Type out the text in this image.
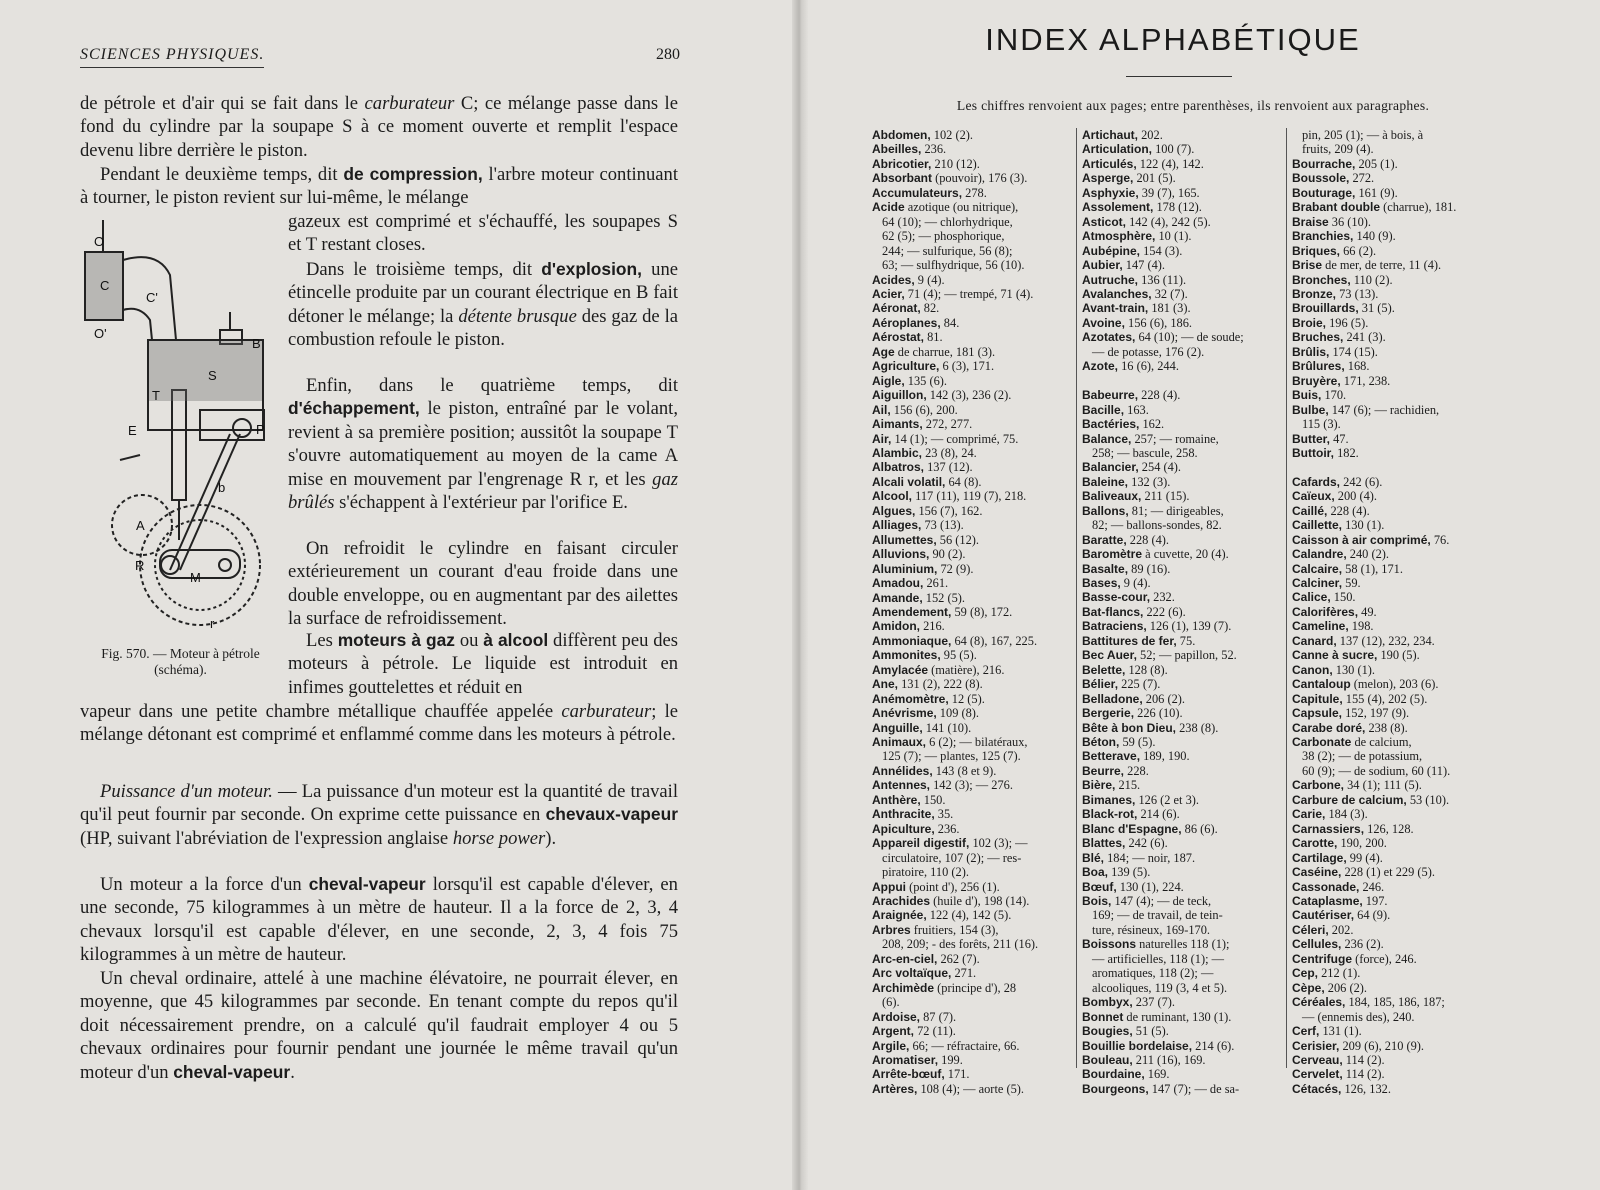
SCIENCES PHYSIQUES.	280

de pétrole et d'air qui se fait dans le carburateur C; ce mélange passe dans le fond du cylindre par la soupape S à ce moment ouverte et remplit l'espace devenu libre derrière le piston.

Pendant le deuxième temps, dit de compression, l'arbre moteur continuant à tourner, le piston revient sur lui-même, le mélange

gazeux est comprimé et s'échauffé, les soupapes S et T restant closes.

Dans le troisième temps, dit d'explosion, une étincelle produite par un courant électrique en B fait détoner le mélange; la détente brusque des gaz de la combustion refoule le piston.

Enfin, dans le quatrième temps, dit d'échappement, le piston, entraîné par le volant, revient à sa première position; aussitôt la soupape T s'ouvre automatiquement au moyen de la came A mise en mouvement par l'engrenage R r, et les gaz brûlés s'échappent à l'extérieur par l'orifice E.

On refroidit le cylindre en faisant circuler extérieurement un courant d'eau froide dans une double enveloppe, ou en augmentant par des ailettes la surface de refroidissement.

Les moteurs à gaz ou à alcool diffèrent peu des moteurs à pétrole. Le liquide est introduit en infimes gouttelettes et réduit en

vapeur dans une petite chambre métallique chauffée appelée carburateur; le mélange détonant est comprimé et enflammé comme dans les moteurs à pétrole.

Puissance d'un moteur. — La puissance d'un moteur est la quantité de travail qu'il peut fournir par seconde. On exprime cette puissance en chevaux-vapeur (HP, suivant l'abréviation de l'expression anglaise horse power).

Un moteur a la force d'un cheval-vapeur lorsqu'il est capable d'élever, en une seconde, 75 kilogrammes à un mètre de hauteur. Il a la force de 2, 3, 4 chevaux lorsqu'il est capable d'élever, en une seconde, 2, 3, 4 fois 75 kilogrammes à un mètre de hauteur.

Un cheval ordinaire, attelé à une machine élévatoire, ne pourrait élever, en moyenne, que 45 kilogrammes par seconde. En tenant compte du repos qu'il doit nécessairement prendre, on a calculé qu'il faudrait employer 4 ou 5 chevaux ordinaires pour fournir pendant une journée le même travail qu'un moteur d'un cheval-vapeur.

O
C
C'
O'
B
S
T
E	P
b
A
R
M
r
Fig. 570. — Moteur à pétrole (schéma).
INDEX ALPHABÉTIQUE
Les chiffres renvoient aux pages; entre parenthèses, ils renvoient aux paragraphes.
Abdomen, 102 (2).
Abeilles, 236.
Abricotier, 210 (12).
Absorbant (pouvoir), 176 (3).
Accumulateurs, 278.
Acide azotique (ou nitrique),
64 (10); — chlorhydrique,
62 (5); — phosphorique,
244; — sulfurique, 56 (8);
63; — sulfhydrique, 56 (10).
Acides, 9 (4).
Acier, 71 (4); — trempé, 71 (4).
Aéronat, 82.
Aéroplanes, 84.
Aérostat, 81.
Age de charrue, 181 (3).
Agriculture, 6 (3), 171.
Aigle, 135 (6).
Aiguillon, 142 (3), 236 (2).
Ail, 156 (6), 200.
Aimants, 272, 277.
Air, 14 (1); — comprimé, 75.
Alambic, 23 (8), 24.
Albatros, 137 (12).
Alcali volatil, 64 (8).
Alcool, 117 (11), 119 (7), 218.
Algues, 156 (7), 162.
Alliages, 73 (13).
Allumettes, 56 (12).
Alluvions, 90 (2).
Aluminium, 72 (9).
Amadou, 261.
Amande, 152 (5).
Amendement, 59 (8), 172.
Amidon, 216.
Ammoniaque, 64 (8), 167, 225.
Ammonites, 95 (5).
Amylacée (matière), 216.
Ane, 131 (2), 222 (8).
Anémomètre, 12 (5).
Anévrisme, 109 (8).
Anguille, 141 (10).
Animaux, 6 (2); — bilatéraux,
125 (7); — plantes, 125 (7).
Annélides, 143 (8 et 9).
Antennes, 142 (3); — 276.
Anthère, 150.
Anthracite, 35.
Apiculture, 236.
Appareil digestif, 102 (3); —
circulatoire, 107 (2); — res-
piratoire, 110 (2).
Appui (point d'), 256 (1).
Arachides (huile d'), 198 (14).
Araignée, 122 (4), 142 (5).
Arbres fruitiers, 154 (3),
208, 209; - des forêts, 211 (16).
Arc-en-ciel, 262 (7).
Arc voltaïque, 271.
Archimède (principe d'), 28
(6).
Ardoise, 87 (7).
Argent, 72 (11).
Argile, 66; — réfractaire, 66.
Aromatiser, 199.
Arrête-bœuf, 171.
Artères, 108 (4); — aorte (5).
Artichaut, 202.
Articulation, 100 (7).
Articulés, 122 (4), 142.
Asperge, 201 (5).
Asphyxie, 39 (7), 165.
Assolement, 178 (12).
Asticot, 142 (4), 242 (5).
Atmosphère, 10 (1).
Aubépine, 154 (3).
Aubier, 147 (4).
Autruche, 136 (11).
Avalanches, 32 (7).
Avant-train, 181 (3).
Avoine, 156 (6), 186.
Azotates, 64 (10); — de soude;
— de potasse, 176 (2).
Azote, 16 (6), 244.
Babeurre, 228 (4).
Bacille, 163.
Bactéries, 162.
Balance, 257; — romaine,
258; — bascule, 258.
Balancier, 254 (4).
Baleine, 132 (3).
Baliveaux, 211 (15).
Ballons, 81; — dirigeables,
82; — ballons-sondes, 82.
Baratte, 228 (4).
Baromètre à cuvette, 20 (4).
Basalte, 89 (16).
Bases, 9 (4).
Basse-cour, 232.
Bat-flancs, 222 (6).
Batraciens, 126 (1), 139 (7).
Battitures de fer, 75.
Bec Auer, 52; — papillon, 52.
Belette, 128 (8).
Bélier, 225 (7).
Belladone, 206 (2).
Bergerie, 226 (10).
Bête à bon Dieu, 238 (8).
Béton, 59 (5).
Betterave, 189, 190.
Beurre, 228.
Bière, 215.
Bimanes, 126 (2 et 3).
Black-rot, 214 (6).
Blanc d'Espagne, 86 (6).
Blattes, 242 (6).
Blé, 184; — noir, 187.
Boa, 139 (5).
Bœuf, 130 (1), 224.
Bois, 147 (4); — de teck,
169; — de travail, de tein-
ture, résineux, 169-170.
Boissons naturelles 118 (1);
— artificielles, 118 (1); —
aromatiques, 118 (2); —
alcooliques, 119 (3, 4 et 5).
Bombyx, 237 (7).
Bonnet de ruminant, 130 (1).
Bougies, 51 (5).
Bouillie bordelaise, 214 (6).
Bouleau, 211 (16), 169.
Bourdaine, 169.
Bourgeons, 147 (7); — de sa-
pin, 205 (1); — à bois, à
fruits, 209 (4).
Bourrache, 205 (1).
Boussole, 272.
Bouturage, 161 (9).
Brabant double (charrue), 181.
Braise 36 (10).
Branchies, 140 (9).
Briques, 66 (2).
Brise de mer, de terre, 11 (4).
Bronches, 110 (2).
Bronze, 73 (13).
Brouillards, 31 (5).
Broie, 196 (5).
Bruches, 241 (3).
Brûlis, 174 (15).
Brûlures, 168.
Bruyère, 171, 238.
Buis, 170.
Bulbe, 147 (6); — rachidien,
115 (3).
Butter, 47.
Buttoir, 182.
Cafards, 242 (6).
Caïeux, 200 (4).
Caillé, 228 (4).
Caillette, 130 (1).
Caisson à air comprimé, 76.
Calandre, 240 (2).
Calcaire, 58 (1), 171.
Calciner, 59.
Calice, 150.
Calorifères, 49.
Cameline, 198.
Canard, 137 (12), 232, 234.
Canne à sucre, 190 (5).
Canon, 130 (1).
Cantaloup (melon), 203 (6).
Capitule, 155 (4), 202 (5).
Capsule, 152, 197 (9).
Carabe doré, 238 (8).
Carbonate de calcium,
38 (2); — de potassium,
60 (9); — de sodium, 60 (11).
Carbone, 34 (1); 111 (5).
Carbure de calcium, 53 (10).
Carie, 184 (3).
Carnassiers, 126, 128.
Carotte, 190, 200.
Cartilage, 99 (4).
Caséine, 228 (1) et 229 (5).
Cassonade, 246.
Cataplasme, 197.
Cautériser, 64 (9).
Céleri, 202.
Cellules, 236 (2).
Centrifuge (force), 246.
Cep, 212 (1).
Cèpe, 206 (2).
Céréales, 184, 185, 186, 187;
— (ennemis des), 240.
Cerf, 131 (1).
Cerisier, 209 (6), 210 (9).
Cerveau, 114 (2).
Cervelet, 114 (2).
Cétacés, 126, 132.
